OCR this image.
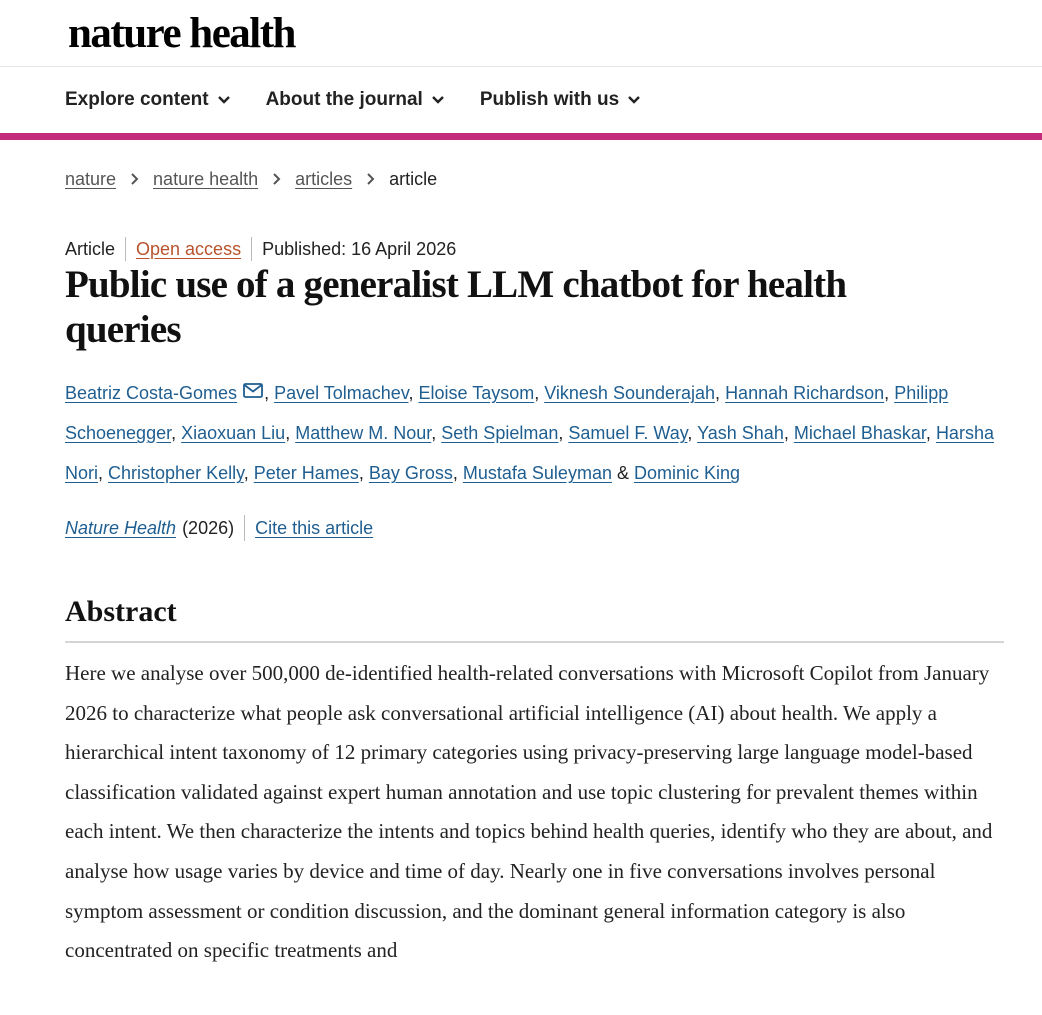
nature health
Explore content	About the journal	Publish with us
nature nature health articles article
Article Open access Published: 16 April 2026
Public use of a generalist LLM chatbot for health queries
Beatriz Costa-Gomes , Pavel Tolmachev, Eloise Taysom, Viknesh Sounderajah, Hannah Richardson, Philipp Schoenegger, Xiaoxuan Liu, Matthew M. Nour, Seth Spielman, Samuel F. Way, Yash Shah, Michael Bhaskar, Harsha Nori, Christopher Kelly, Peter Hames, Bay Gross, Mustafa Suleyman & Dominic King
Nature Health (2026) Cite this article
Abstract

Here we analyse over 500,000 de-identified health-related conversations with Microsoft Copilot from January 2026 to characterize what people ask conversational artificial intelligence (AI) about health. We apply a hierarchical intent taxonomy of 12 primary categories using privacy-preserving large language model-based classification validated against expert human annotation and use topic clustering for prevalent themes within each intent. We then characterize the intents and topics behind health queries, identify who they are about, and analyse how usage varies by device and time of day. Nearly one in five conversations involves personal symptom assessment or condition discussion, and the dominant general information category is also concentrated on specific treatments and
